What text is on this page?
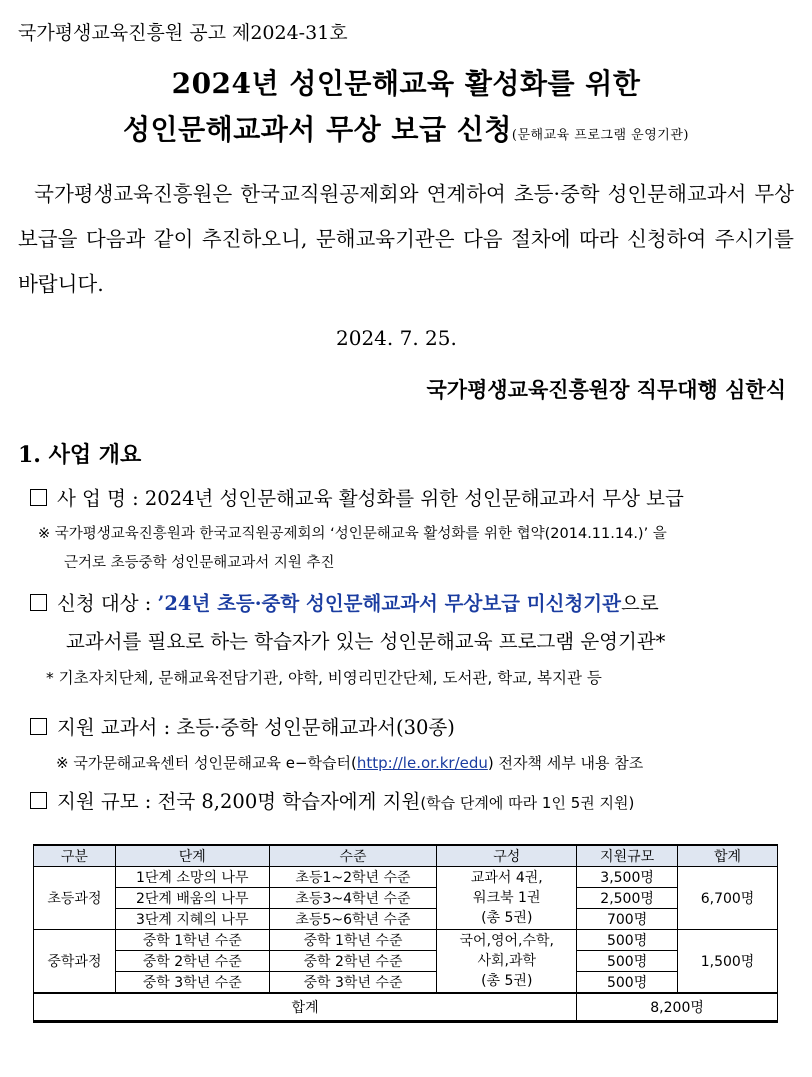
국가평생교육진흥원 공고 제2024-31호
2024년 성인문해교육 활성화를 위한
성인문해교과서 무상 보급 신청(문해교육 프로그램 운영기관)
국가평생교육진흥원은 한국교직원공제회와 연계하여 초등·중학 성인문해교과서 무상 보급을 다음과 같이 추진하오니, 문해교육기관은 다음 절차에 따라 신청하여 주시기를 바랍니다.
2024. 7. 25.
국가평생교육진흥원장 직무대행 심한식
1. 사업 개요
사 업 명 : 2024년 성인문해교육 활성화를 위한 성인문해교과서 무상 보급
※ 국가평생교육진흥원과 한국교직원공제회의 ‘성인문해교육 활성화를 위한 협약(2014.11.14.)’ 을
근거로 초등중학 성인문해교과서 지원 추진
신청 대상 : ’24년 초등·중학 성인문해교과서 무상보급 미신청기관으로
교과서를 필요로 하는 학습자가 있는 성인문해교육 프로그램 운영기관*
* 기초자치단체, 문해교육전담기관, 야학, 비영리민간단체, 도서관, 학교, 복지관 등
지원 교과서 : 초등·중학 성인문해교과서(30종)
※ 국가문해교육센터 성인문해교육 e−학습터(http://le.or.kr/edu) 전자책 세부 내용 참조
지원 규모 : 전국 8,200명 학습자에게 지원(학습 단계에 따라 1인 5권 지원)
구분	단계	수준	구성	지원규모	합계
초등과정	1단계 소망의 나무	초등1~2학년 수준	교과서 4권,
워크북 1권
(총 5권)	3,500명	6,700명
	2단계 배움의 나무	초등3~4학년 수준		2,500명	
	3단계 지혜의 나무	초등5~6학년 수준		700명	
중학과정	중학 1학년 수준	중학 1학년 수준	국어,영어,수학,
사회,과학
(총 5권)	500명	1,500명
	중학 2학년 수준	중학 2학년 수준		500명	
	중학 3학년 수준	중학 3학년 수준		500명	
합계				8,200명	
